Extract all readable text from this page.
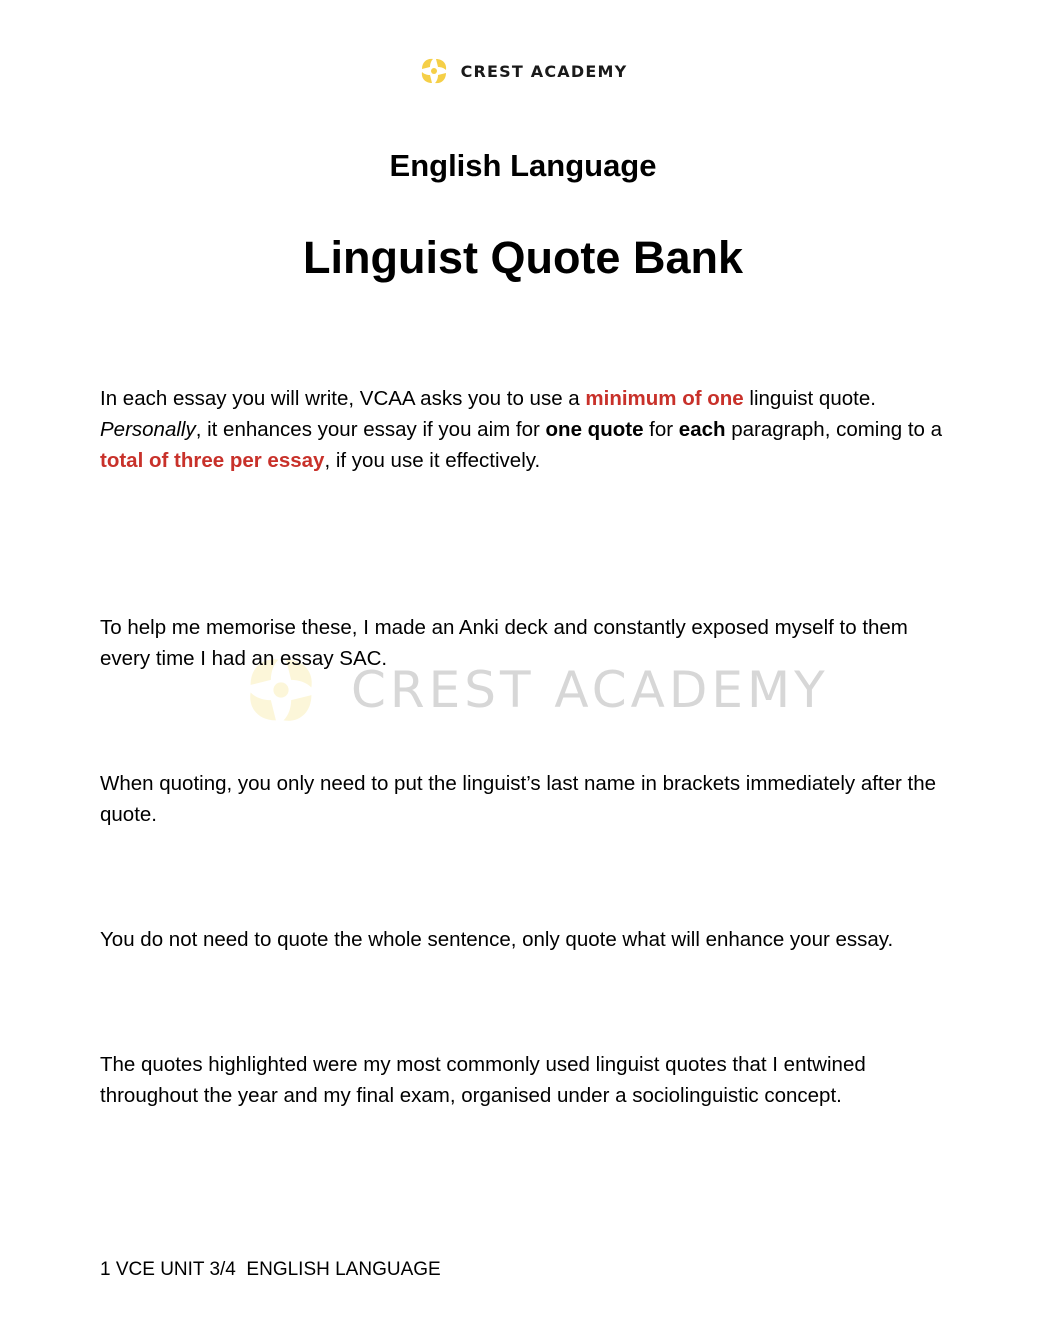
CREST ACADEMY
CREST ACADEMY
English Language
Linguist Quote Bank

In each essay you will write, VCAA asks you to use a minimum of one linguist quote. Personally, it enhances your essay if you aim for one quote for each paragraph, coming to a total of three per essay, if you use it effectively.

To help me memorise these, I made an Anki deck and constantly exposed myself to them every time I had an essay SAC.

When quoting, you only need to put the linguist’s last name in brackets immediately after the quote.

You do not need to quote the whole sentence, only quote what will enhance your essay.

The quotes highlighted were my most commonly used linguist quotes that I entwined throughout the year and my final exam, organised under a sociolinguistic concept.

1 VCE UNIT 3/4  ENGLISH LANGUAGE
